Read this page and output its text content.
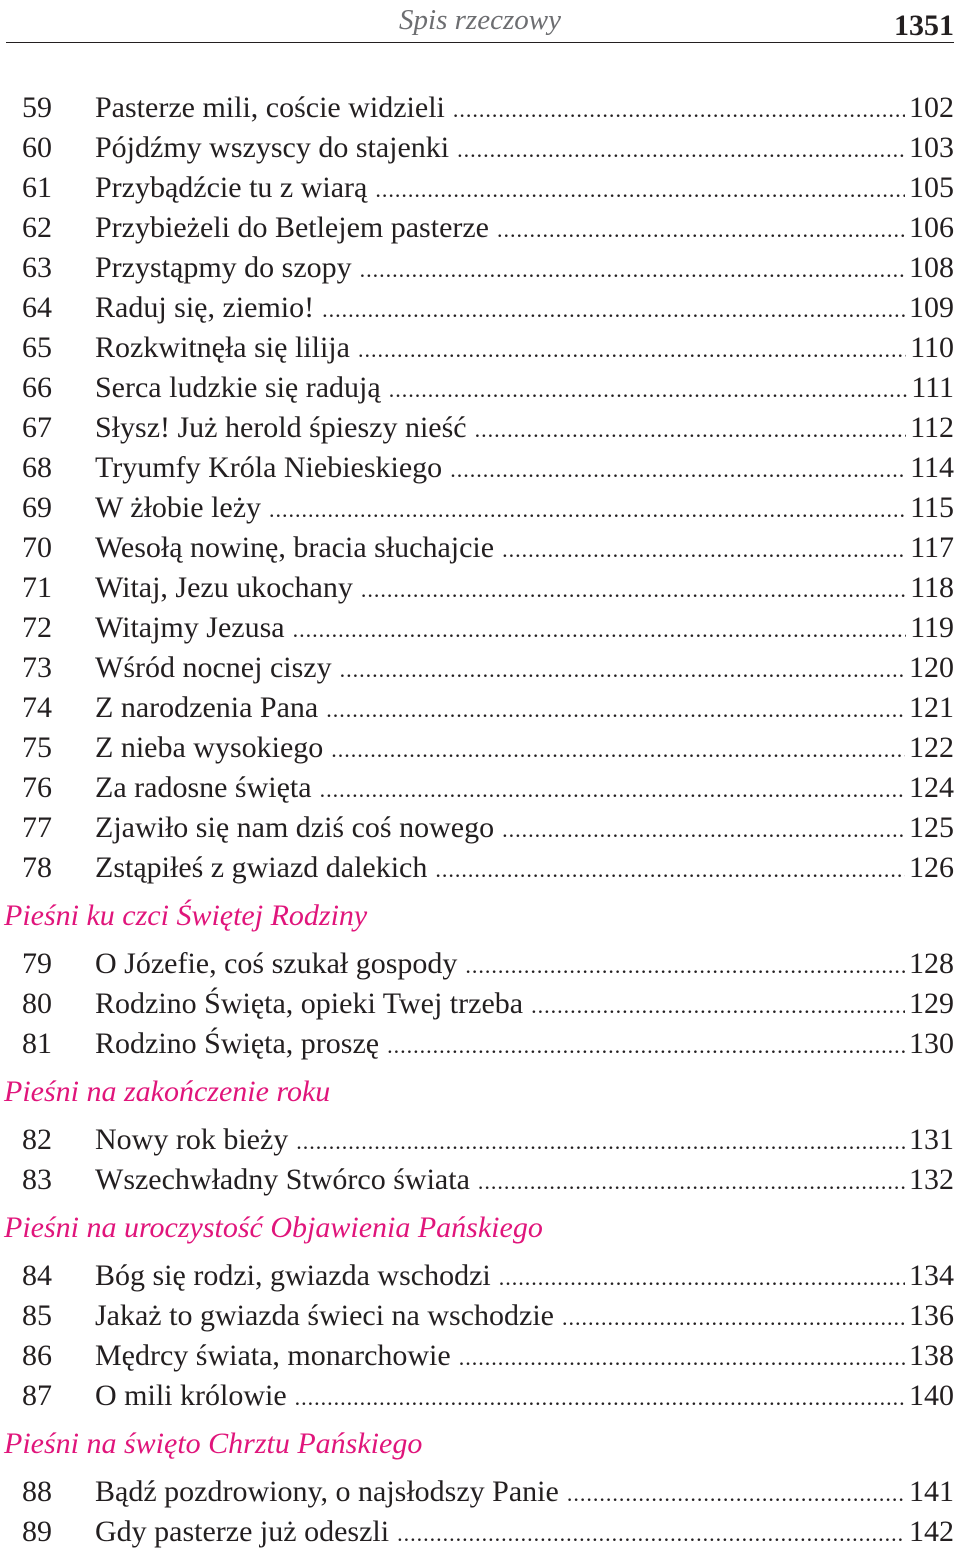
Spis rzeczowy	1351
59 Pasterze mili, coście widzieli .....	102
60 Pójdźmy wszyscy do stajenki .....	103
61 Przybądźcie tu z wiarą .....	105
62 Przybieżeli do Betlejem pasterze .....	106
63 Przystąpmy do szopy .....	108
64 Raduj się, ziemio! .....	109
65 Rozkwitnęła się lilija .....	110
66 Serca ludzkie się radują .....	111
67 Słysz! Już herold śpieszy nieść .....	112
68 Tryumfy Króla Niebieskiego .....	114
69 W żłobie leży .....	115
70 Wesołą nowinę, bracia słuchajcie .....	117
71 Witaj, Jezu ukochany .....	118
72 Witajmy Jezusa .....	119
73 Wśród nocnej ciszy .....	120
74 Z narodzenia Pana .....	121
75 Z nieba wysokiego .....	122
76 Za radosne święta .....	124
77 Zjawiło się nam dziś coś nowego .....	125
78 Zstąpiłeś z gwiazd dalekich .....	126
Pieśni ku czci Świętej Rodziny
79 O Józefie, coś szukał gospody .....	128
80 Rodzino Święta, opieki Twej trzeba .....	129
81 Rodzino Święta, proszę .....	130
Pieśni na zakończenie roku
82 Nowy rok bieży .....	131
83 Wszechwładny Stwórco świata .....	132
Pieśni na uroczystość Objawienia Pańskiego
84 Bóg się rodzi, gwiazda wschodzi .....	134
85 Jakaż to gwiazda świeci na wschodzie .....	136
86 Mędrcy świata, monarchowie .....	138
87 O mili królowie .....	140
Pieśni na święto Chrztu Pańskiego
88 Bądź pozdrowiony, o najsłodszy Panie .....	141
89 Gdy pasterze już odeszli .....	142
